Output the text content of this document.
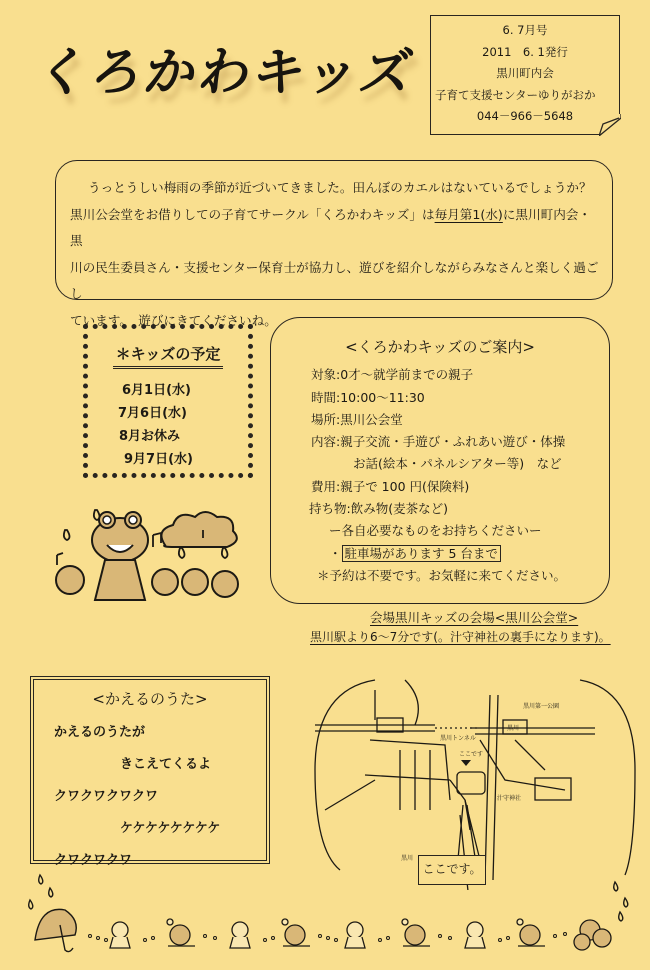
くろかわキッズ
6. 7月号
2011　6. 1発行
黒川町内会
子育て支援センターゆりがおか
044－966－5648
うっとうしい梅雨の季節が近づいてきました。田んぼのカエルはないているでしょうか？
黒川公会堂をお借りしての子育てサークル「くろかわキッズ」は毎月第1(水)に黒川町内会・黒
川の民生委員さん・支援センター保育士が協力し、遊びを紹介しながらみなさんと楽しく過ごし
ています。　遊びにきてくださいね。
＊キッズの予定
6月1日(水)
7月6日(水)
8月お休み
9月7日(水)
<くろかわキッズのご案内>
対象:0才～就学前までの親子
時間:10:00～11:30
場所:黒川公会堂
内容:親子交流・手遊び・ふれあい遊び・体操
お話(絵本・パネルシアター等)　など
費用:親子で 100 円(保険料)
持ち物:飲み物(麦茶など)
ー各自必要なものをお持ちくださいー
・ 駐車場があります 5 台まで
＊予約は不要です。お気軽に来てください。
会場黒川キッズの会場<黒川公会堂>
黒川駅より6～7分です(。汁守神社の裏手になります)。
<かえるのうた>
かえるのうたが
きこえてくるよ
クワクワクワクワ
ケケケケケケケケ
クワクワクワ
黒川
黒川トンネル
汁守神社
黒川第一公園
黒川
ここです
ここです。
